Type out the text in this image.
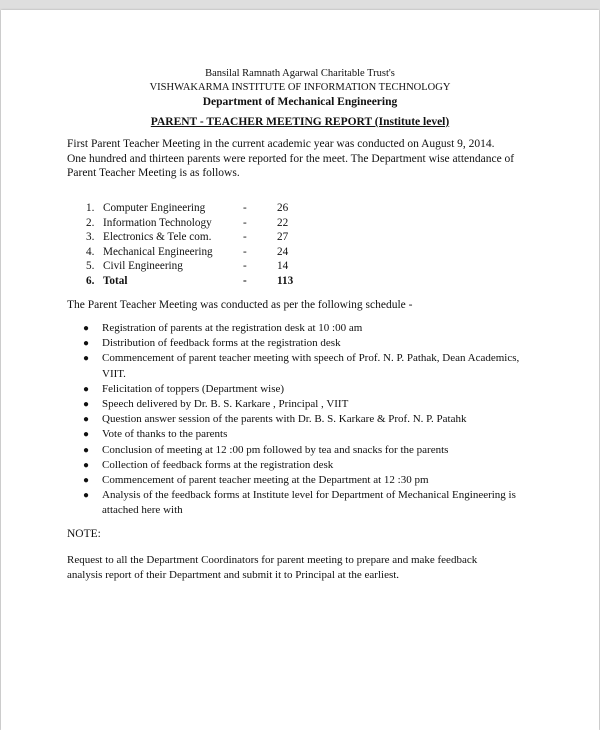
Bansilal Ramnath Agarwal Charitable Trust's
VISHWAKARMA INSTITUTE OF INFORMATION TECHNOLOGY
Department of Mechanical Engineering
PARENT - TEACHER MEETING REPORT (Institute level)
First Parent Teacher Meeting in the current academic year was conducted on August 9, 2014.
One hundred and thirteen parents were reported for the meet. The Department wise attendance of
Parent Teacher Meeting is as follows.
1. Computer Engineering	-	26
2. Information Technology	-	22
3. Electronics & Tele com.	-	27
4. Mechanical Engineering	-	24
5. Civil Engineering	-	14
6. Total	-	113
The Parent Teacher Meeting was conducted as per the following schedule -
● Registration of parents at the registration desk at 10 :00 am
● Distribution of feedback forms at the registration desk
● Commencement of parent teacher meeting with speech of Prof. N. P. Pathak, Dean Academics, VIIT.
● Felicitation of toppers (Department wise)
● Speech delivered by Dr. B. S. Karkare , Principal , VIIT
● Question answer session of the parents with Dr. B. S. Karkare & Prof. N. P. Patahk
● Vote of thanks to the parents
● Conclusion of meeting at 12 :00 pm followed by tea and snacks for the parents
● Collection of feedback forms at the registration desk
● Commencement of parent teacher meeting at the Department at 12 :30 pm
● Analysis of the feedback forms at Institute level for Department of Mechanical Engineering is attached here with
NOTE:
Request to all the Department Coordinators for parent meeting to prepare and make feedback
analysis report of their Department and submit it to Principal at the earliest.
